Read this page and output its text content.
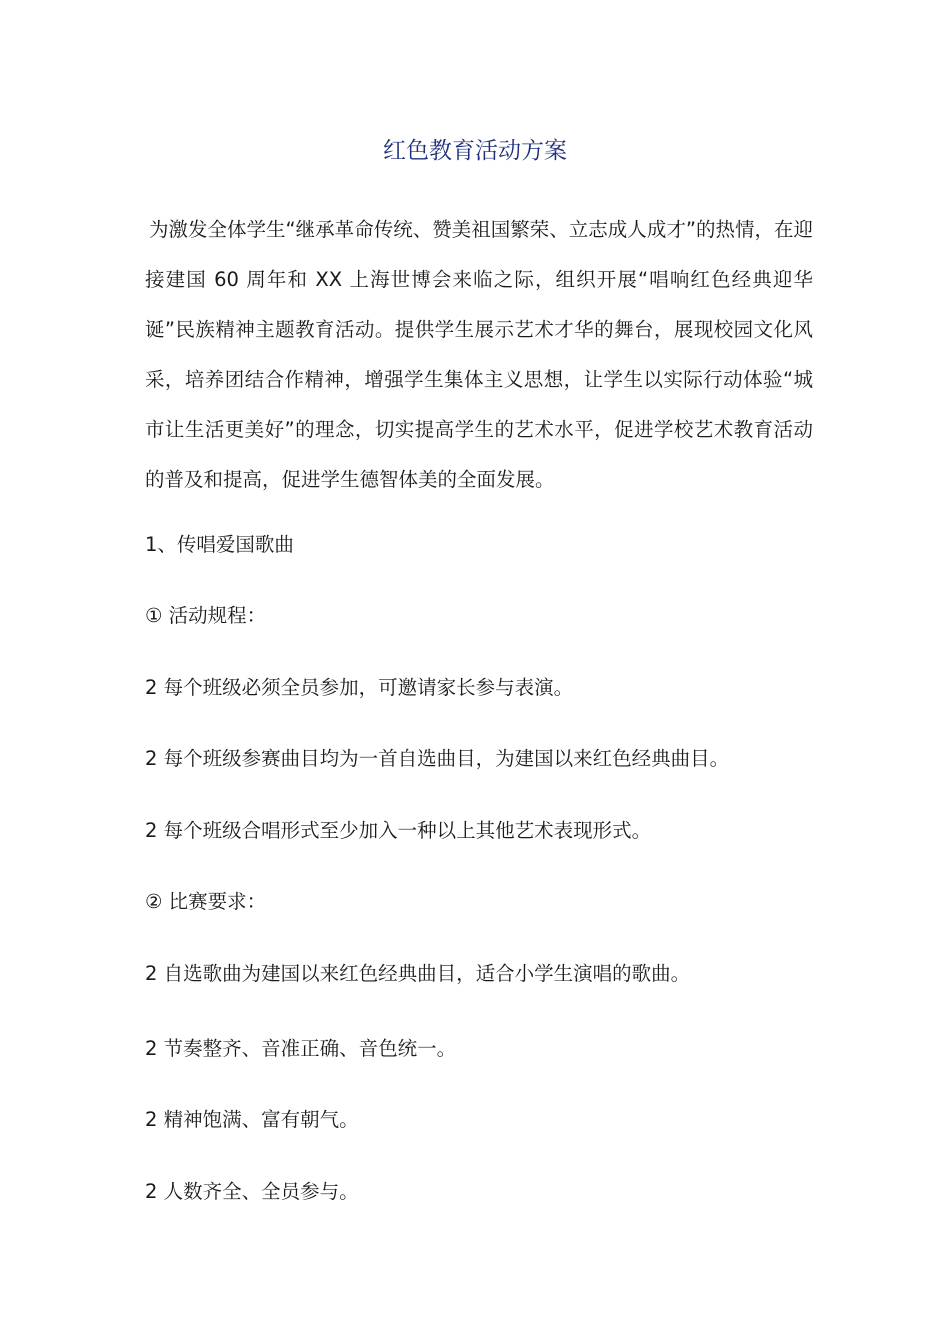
红色教育活动方案

为激发全体学生“继承革命传统、赞美祖国繁荣、立志成人成才”的热情，在迎接建国 60 周年和 XX 上海世博会来临之际，组织开展“唱响红色经典迎华诞”民族精神主题教育活动。提供学生展示艺术才华的舞台，展现校园文化风采，培养团结合作精神，增强学生集体主义思想，让学生以实际行动体验“城市让生活更美好”的理念，切实提高学生的艺术水平，促进学校艺术教育活动的普及和提高，促进学生德智体美的全面发展。

1、传唱爱国歌曲

① 活动规程：

2 每个班级必须全员参加，可邀请家长参与表演。

2 每个班级参赛曲目均为一首自选曲目，为建国以来红色经典曲目。

2 每个班级合唱形式至少加入一种以上其他艺术表现形式。

② 比赛要求：

2 自选歌曲为建国以来红色经典曲目，适合小学生演唱的歌曲。

2 节奏整齐、音准正确、音色统一。

2 精神饱满、富有朝气。

2 人数齐全、全员参与。
